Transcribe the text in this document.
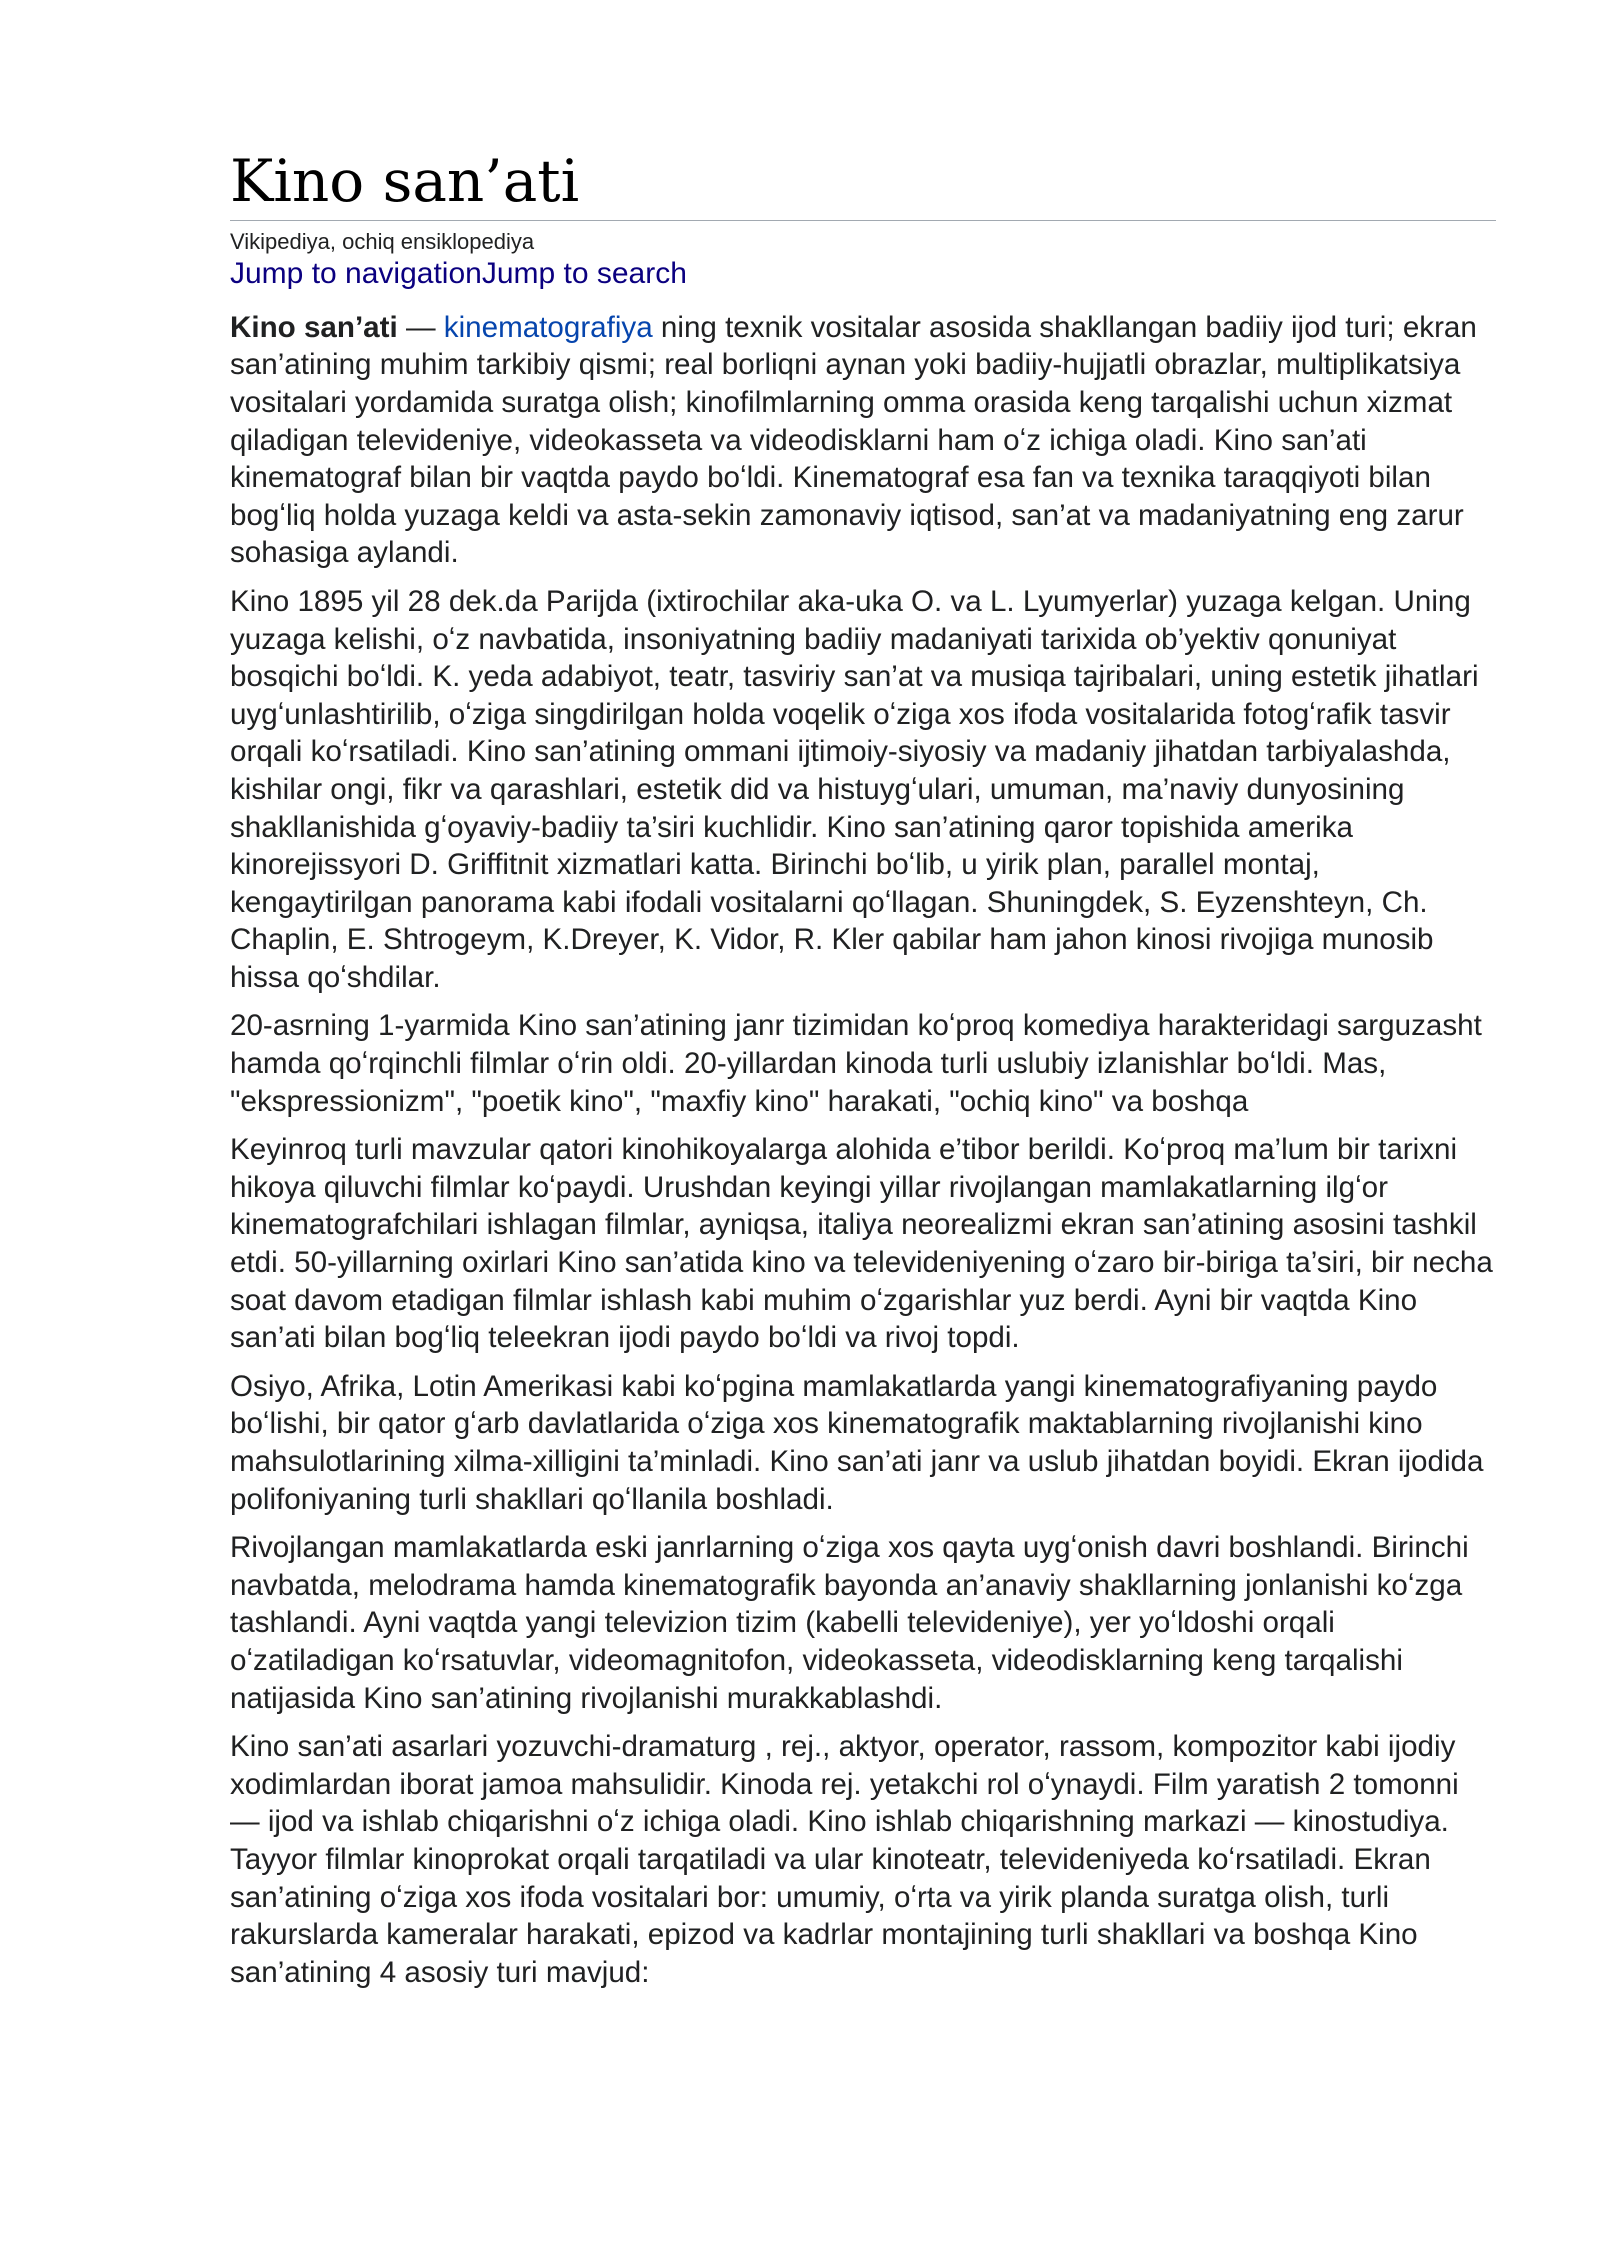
Kino san’ati
Vikipediya, ochiq ensiklopediya
Jump to navigationJump to search

Kino san’ati — kinematografiya ning texnik vositalar asosida shakllangan badiiy ijod turi; ekran san’atining muhim tarkibiy qismi; real borliqni aynan yoki badiiy-hujjatli obrazlar, multiplikatsiya vositalari yordamida suratga olish; kinofilmlarning omma orasida keng tarqalishi uchun xizmat qiladigan televideniye, videokasseta va videodisklarni ham oʻz ichiga oladi. Kino san’ati kinematograf bilan bir vaqtda paydo boʻldi. Kinematograf esa fan va texnika taraqqiyoti bilan bogʻliq holda yuzaga keldi va asta-sekin zamonaviy iqtisod, san’at va madaniyatning eng zarur sohasiga aylandi.

Kino 1895 yil 28 dek.da Parijda (ixtirochilar aka-uka O. va L. Lyumyerlar) yuzaga kelgan. Uning yuzaga kelishi, oʻz navbatida, insoniyatning badiiy madaniyati tarixida ob’yektiv qonuniyat bosqichi boʻldi. K. yeda adabiyot, teatr, tasviriy san’at va musiqa tajribalari, uning estetik jihatlari uygʻunlashtirilib, oʻziga singdirilgan holda voqelik oʻziga xos ifoda vositalarida fotogʻrafik tasvir orqali koʻrsatiladi. Kino san’atining ommani ijtimoiy-siyosiy va madaniy jihatdan tarbiyalashda, kishilar ongi, fikr va qarashlari, estetik did va histuygʻulari, umuman, ma’naviy dunyosining shakllanishida gʻoyaviy-badiiy ta’siri kuchlidir. Kino san’atining qaror topishida amerika kinorejissyori D. Griffitnit xizmatlari katta. Birinchi boʻlib, u yirik plan, parallel montaj, kengaytirilgan panorama kabi ifodali vositalarni qoʻllagan. Shuningdek, S. Eyzenshteyn, Ch. Chaplin, E. Shtrogeym, K.Dreyer, K. Vidor, R. Kler qabilar ham jahon kinosi rivojiga munosib hissa qoʻshdilar.

20-asrning 1-yarmida Kino san’atining janr tizimidan koʻproq komediya harakteridagi sarguzasht hamda qoʻrqinchli filmlar oʻrin oldi. 20-yillardan kinoda turli uslubiy izlanishlar boʻldi. Mas, "ekspressionizm", "poetik kino", "maxfiy kino" harakati, "ochiq kino" va boshqa

Keyinroq turli mavzular qatori kinohikoyalarga alohida e’tibor berildi. Koʻproq ma’lum bir tarixni hikoya qiluvchi filmlar koʻpaydi. Urushdan keyingi yillar rivojlangan mamlakatlarning ilgʻor kinematografchilari ishlagan filmlar, ayniqsa, italiya neorealizmi ekran san’atining asosini tashkil etdi. 50-yillarning oxirlari Kino san’atida kino va televideniyening oʻzaro bir-biriga ta’siri, bir necha soat davom etadigan filmlar ishlash kabi muhim oʻzgarishlar yuz berdi. Ayni bir vaqtda Kino san’ati bilan bogʻliq teleekran ijodi paydo boʻldi va rivoj topdi.

Osiyo, Afrika, Lotin Amerikasi kabi koʻpgina mamlakatlarda yangi kinematografiyaning paydo boʻlishi, bir qator gʻarb davlatlarida oʻziga xos kinematografik maktablarning rivojlanishi kino mahsulotlarining xilma-xilligini ta’minladi. Kino san’ati janr va uslub jihatdan boyidi. Ekran ijodida polifoniyaning turli shakllari qoʻllanila boshladi.

Rivojlangan mamlakatlarda eski janrlarning oʻziga xos qayta uygʻonish davri boshlandi. Birinchi navbatda, melodrama hamda kinematografik bayonda an’anaviy shakllarning jonlanishi koʻzga tashlandi. Ayni vaqtda yangi televizion tizim (kabelli televideniye), yer yoʻldoshi orqali oʻzatiladigan koʻrsatuvlar, videomagnitofon, videokasseta, videodisklarning keng tarqalishi natijasida Kino san’atining rivojlanishi murakkablashdi.

Kino san’ati asarlari yozuvchi-dramaturg , rej., aktyor, operator, rassom, kompozitor kabi ijodiy xodimlardan iborat jamoa mahsulidir. Kinoda rej. yetakchi rol oʻynaydi. Film yaratish 2 tomonni — ijod va ishlab chiqarishni oʻz ichiga oladi. Kino ishlab chiqarishning markazi — kinostudiya. Tayyor filmlar kinoprokat orqali tarqatiladi va ular kinoteatr, televideniyeda koʻrsatiladi. Ekran san’atining oʻziga xos ifoda vositalari bor: umumiy, oʻrta va yirik planda suratga olish, turli rakurslarda kameralar harakati, epizod va kadrlar montajining turli shakllari va boshqa Kino san’atining 4 asosiy turi mavjud:
